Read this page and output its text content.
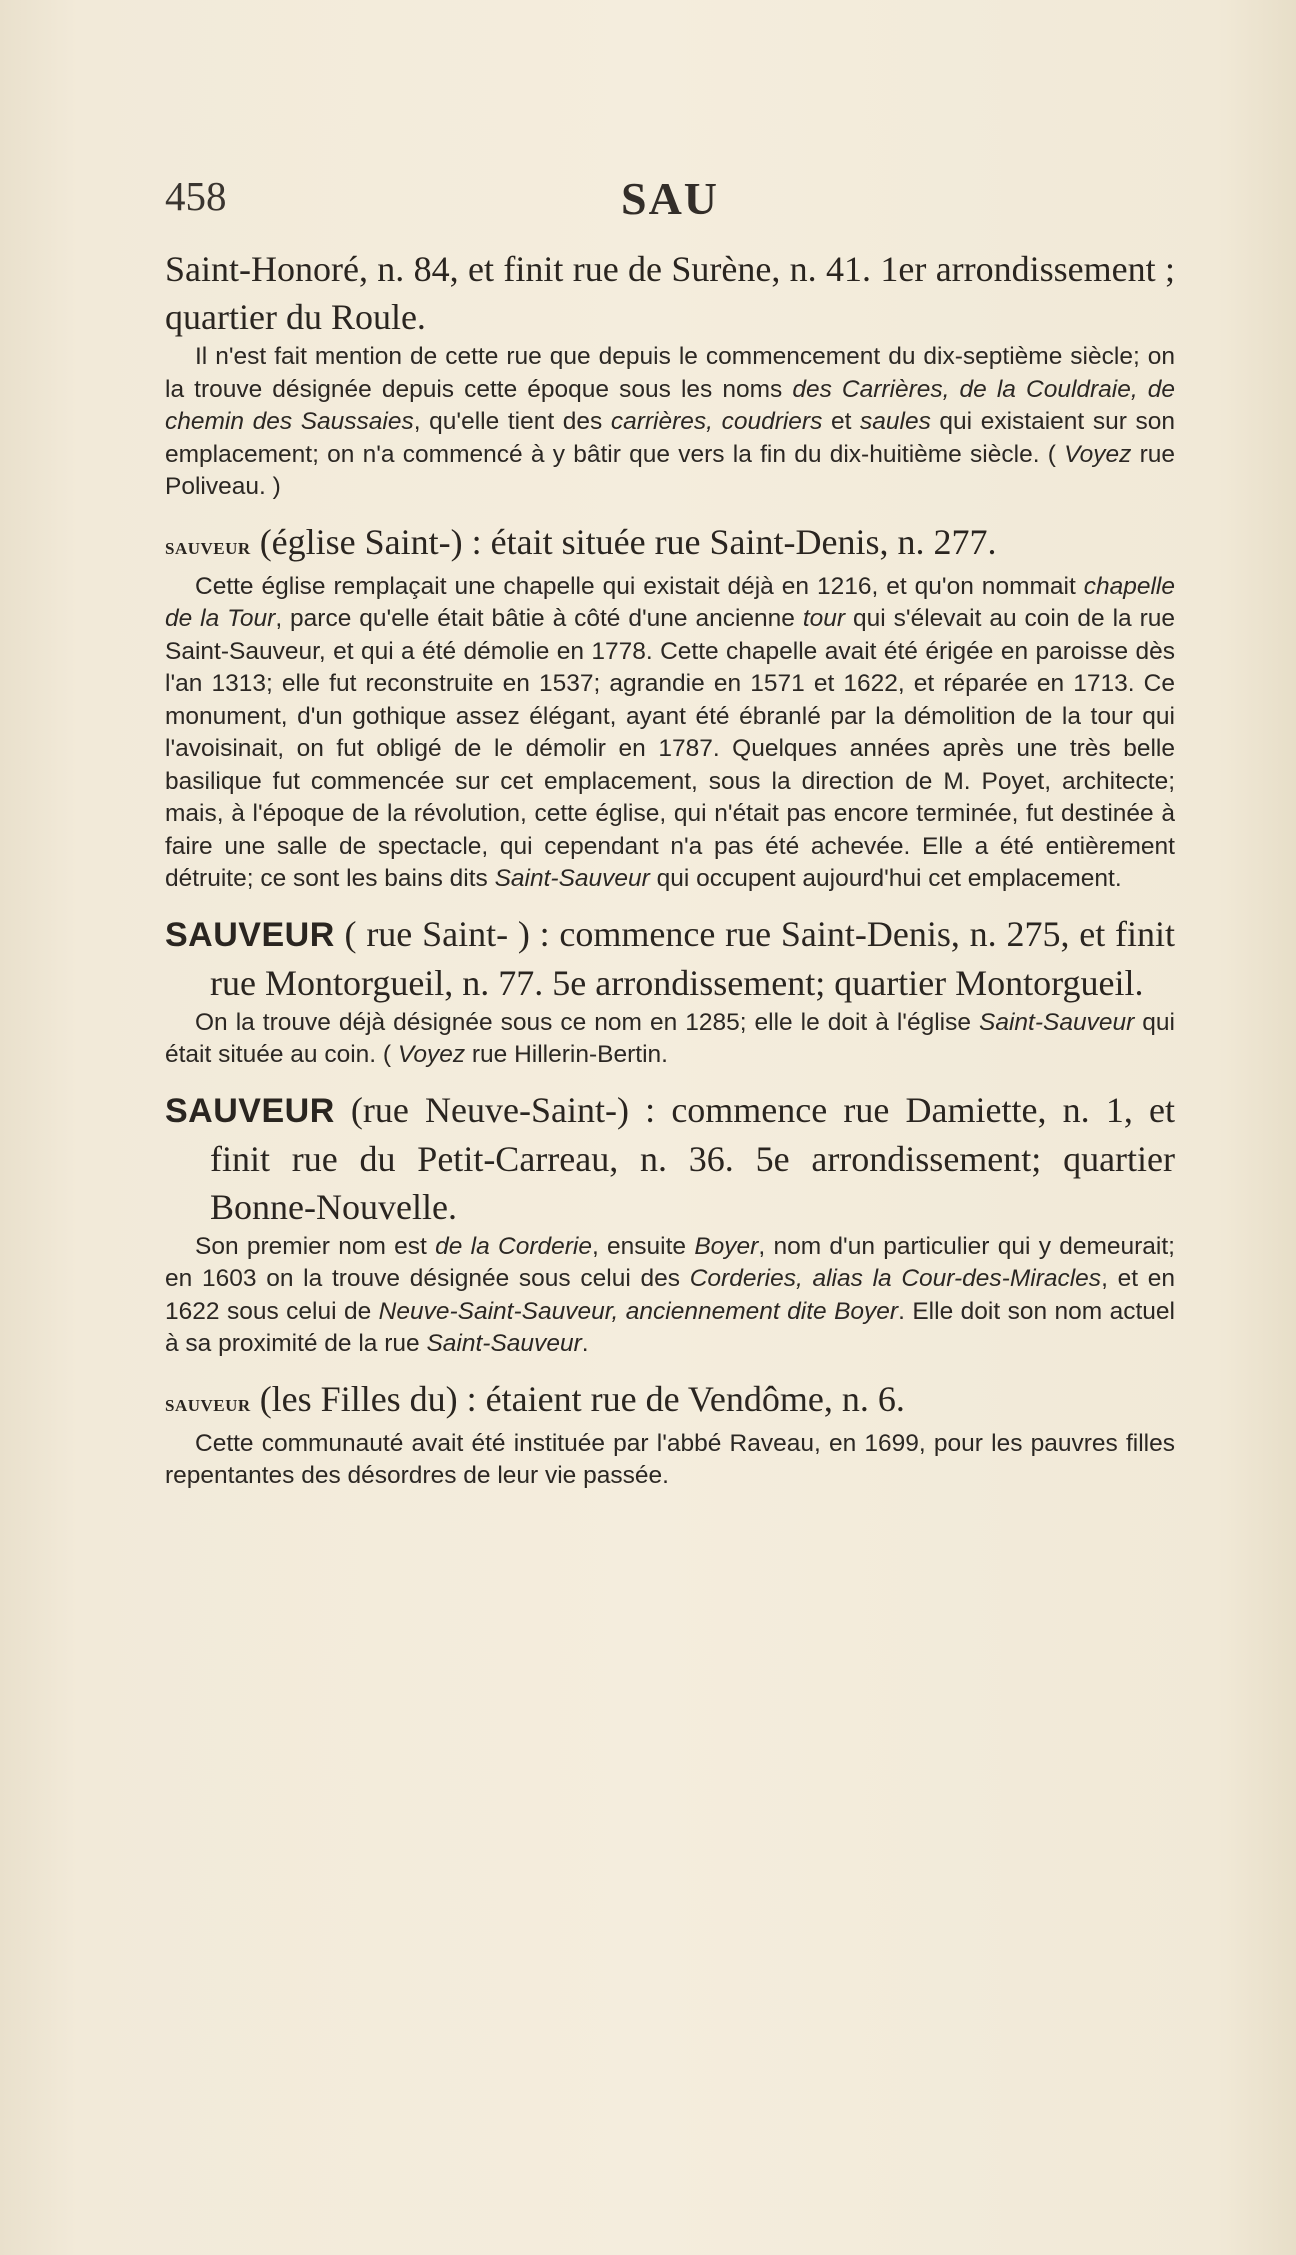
458	SAU

Saint-Honoré, n. 84, et finit rue de Surène, n. 41. 1er arrondissement ; quartier du Roule.

Il n'est fait mention de cette rue que depuis le commencement du dix-septième siècle; on la trouve désignée depuis cette époque sous les noms des Carrières, de la Couldraie, de chemin des Saussaies, qu'elle tient des carrières, coudriers et saules qui existaient sur son emplacement; on n'a commencé à y bâtir que vers la fin du dix-huitième siècle. ( Voyez rue Poliveau. )

sauveur (église Saint-) : était située rue Saint-Denis, n. 277.

Cette église remplaçait une chapelle qui existait déjà en 1216, et qu'on nommait chapelle de la Tour, parce qu'elle était bâtie à côté d'une ancienne tour qui s'élevait au coin de la rue Saint-Sauveur, et qui a été démolie en 1778. Cette chapelle avait été érigée en paroisse dès l'an 1313; elle fut reconstruite en 1537; agrandie en 1571 et 1622, et réparée en 1713. Ce monument, d'un gothique assez élégant, ayant été ébranlé par la démolition de la tour qui l'avoisinait, on fut obligé de le démolir en 1787. Quelques années après une très belle basilique fut commencée sur cet emplacement, sous la direction de M. Poyet, architecte; mais, à l'époque de la révolution, cette église, qui n'était pas encore terminée, fut destinée à faire une salle de spectacle, qui cependant n'a pas été achevée. Elle a été entièrement détruite; ce sont les bains dits Saint-Sauveur qui occupent aujourd'hui cet emplacement.

SAUVEUR ( rue Saint- ) : commence rue Saint-Denis, n. 275, et finit rue Montorgueil, n. 77. 5e arrondissement; quartier Montorgueil.

On la trouve déjà désignée sous ce nom en 1285; elle le doit à l'église Saint-Sauveur qui était située au coin. ( Voyez rue Hillerin-Bertin.

SAUVEUR (rue Neuve-Saint-) : commence rue Damiette, n. 1, et finit rue du Petit-Carreau, n. 36. 5e arrondissement; quartier Bonne-Nouvelle.

Son premier nom est de la Corderie, ensuite Boyer, nom d'un particulier qui y demeurait; en 1603 on la trouve désignée sous celui des Corderies, alias la Cour-des-Miracles, et en 1622 sous celui de Neuve-Saint-Sauveur, anciennement dite Boyer. Elle doit son nom actuel à sa proximité de la rue Saint-Sauveur.

sauveur (les Filles du) : étaient rue de Vendôme, n. 6.

Cette communauté avait été instituée par l'abbé Raveau, en 1699, pour les pauvres filles repentantes des désordres de leur vie passée.
